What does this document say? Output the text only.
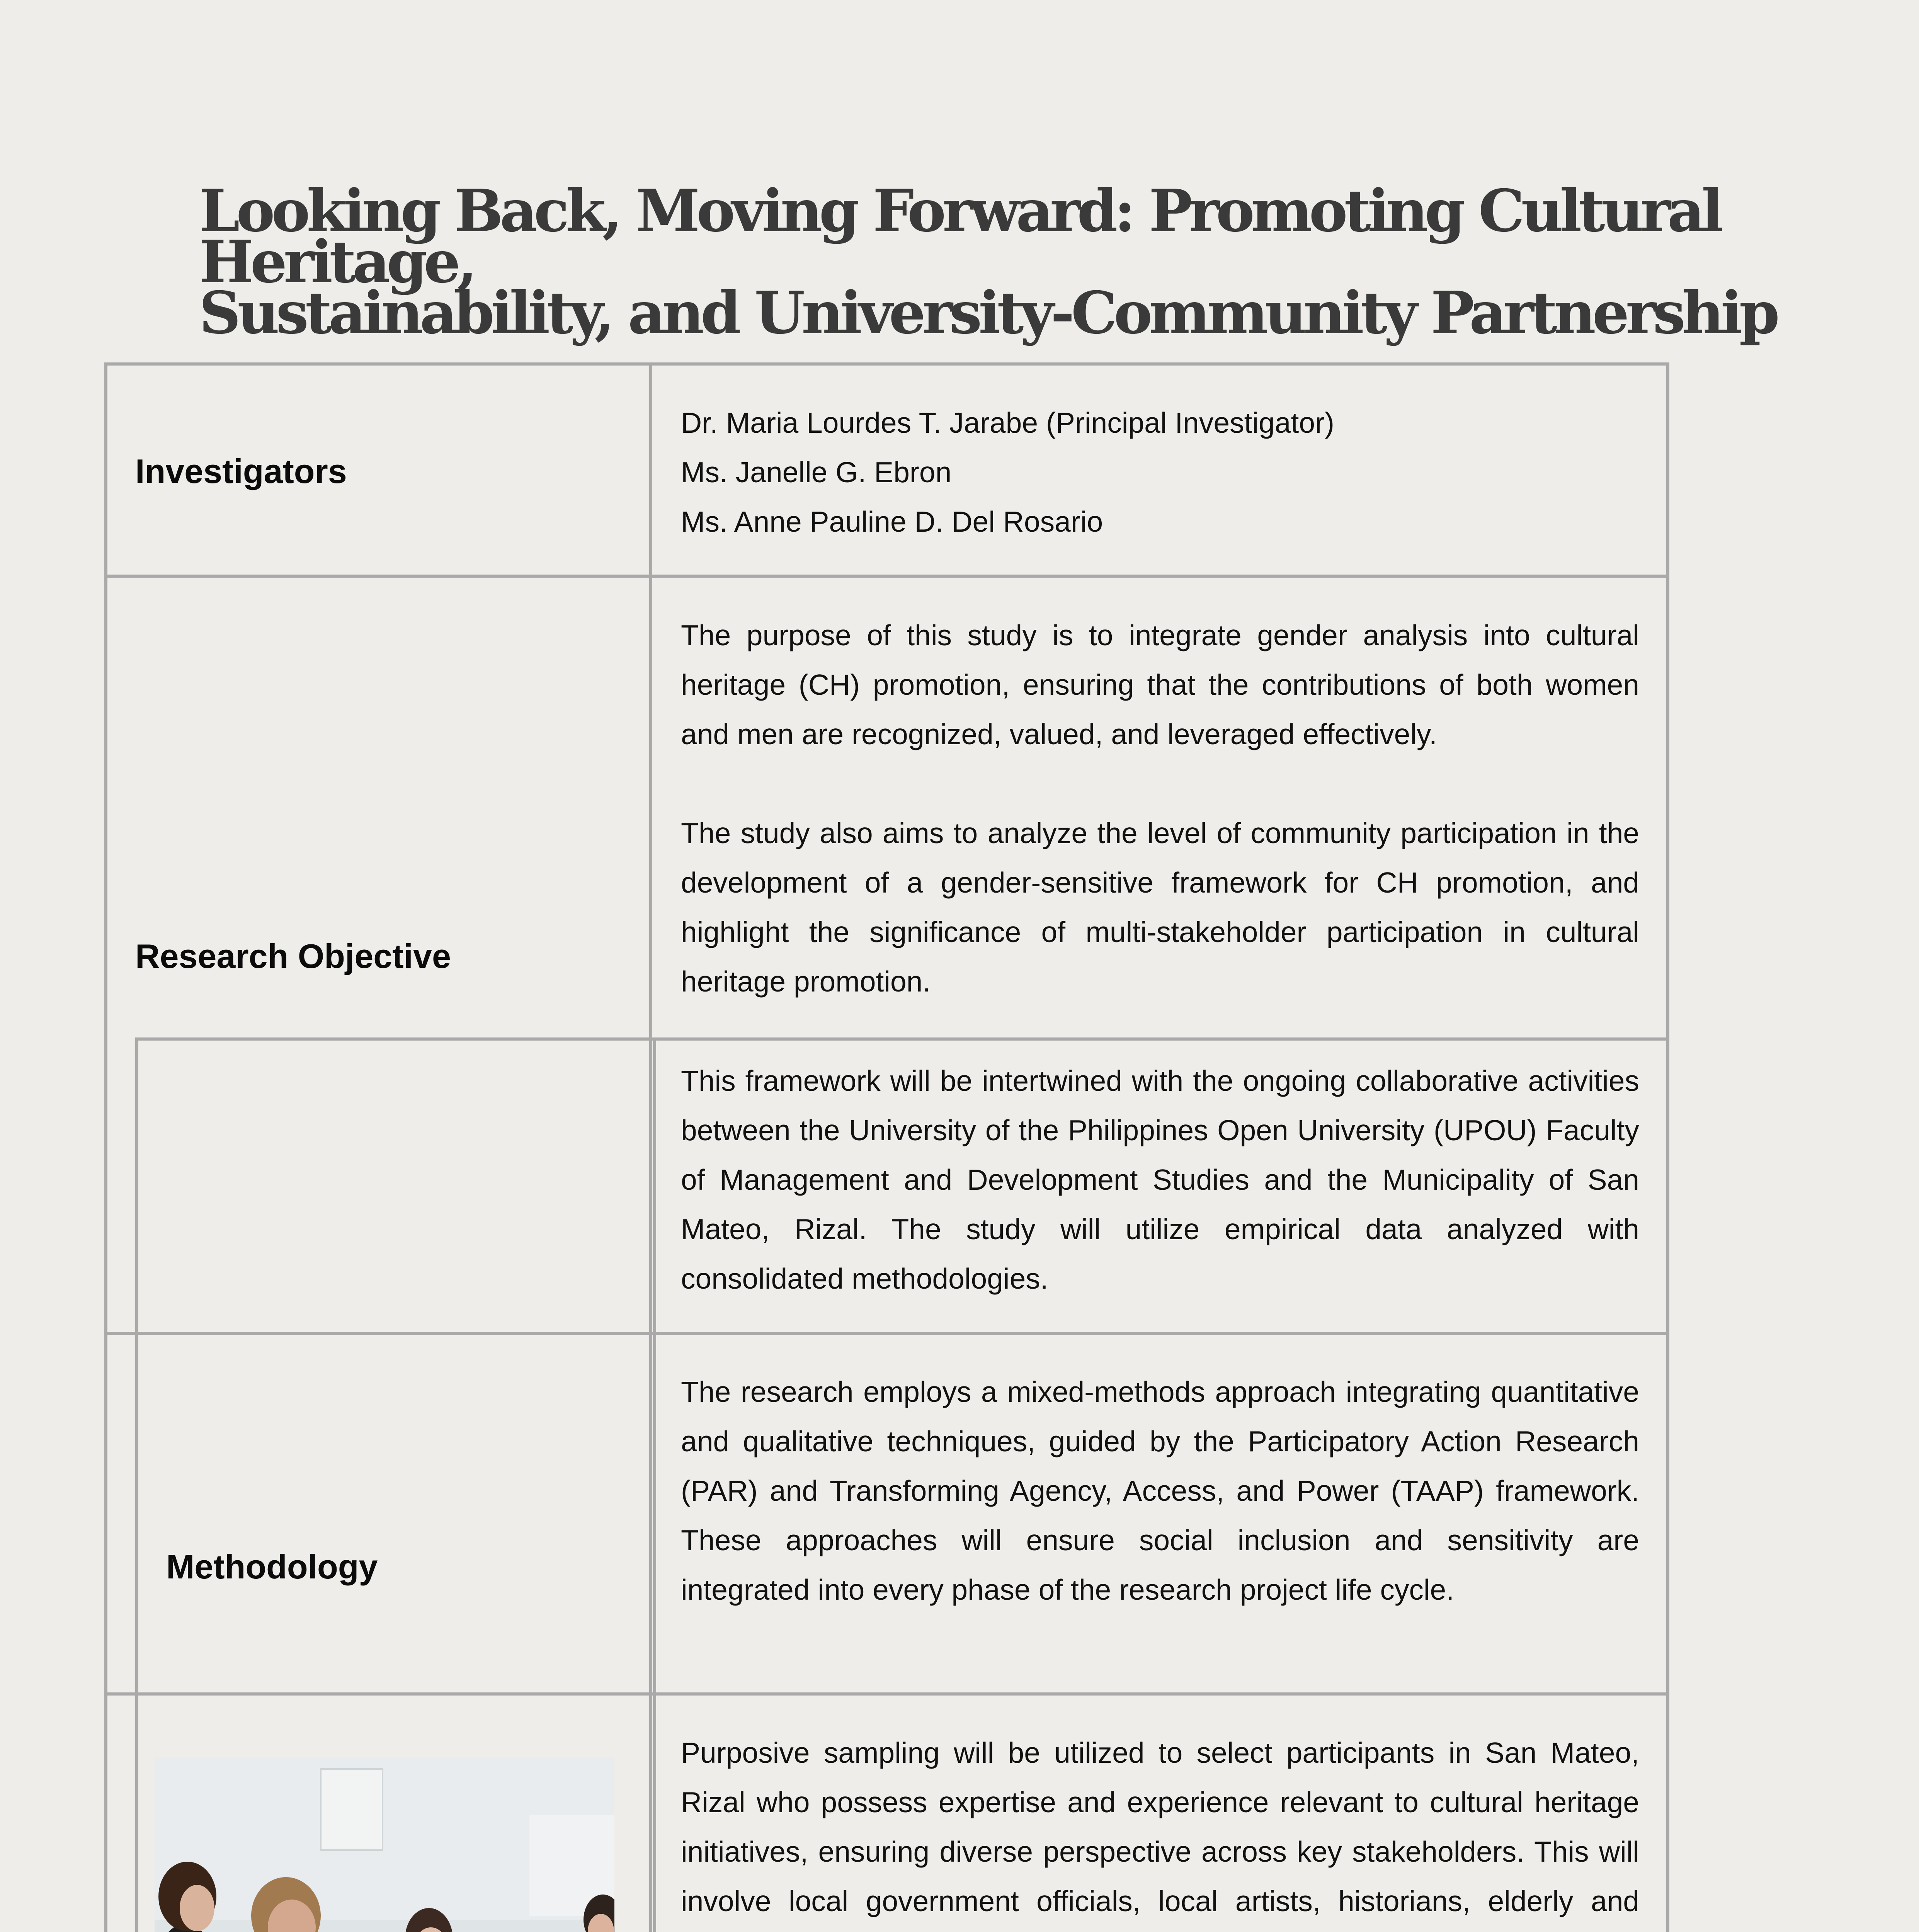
Looking Back, Moving Forward: Promoting Cultural Heritage,
Sustainability, and University-Community Partnership
Investigators

Dr. Maria Lourdes T. Jarabe (Principal Investigator)

Ms. Janelle G. Ebron

Ms. Anne Pauline D. Del Rosario

Research Objective

The purpose of this study is to integrate gender analysis into cultural heritage (CH) promotion, ensuring that the contributions of both women and men are recognized, valued, and leveraged effectively.

The study also aims to analyze the level of community participation in the development of a gender-sensitive framework for CH promotion, and highlight the significance of multi-stakeholder participation in cultural heritage promotion.

This framework will be intertwined with the ongoing collaborative activities between the University of the Philippines Open University (UPOU) Faculty of Management and Development Studies and the Municipality of San Mateo, Rizal. The study will utilize empirical data analyzed with consolidated methodologies.
Methodology
The research employs a mixed-methods approach integrating quantitative and qualitative techniques, guided by the Participatory Action Research (PAR) and Transforming Agency, Access, and Power (TAAP) framework. These approaches will ensure social inclusion and sensitivity are integrated into every phase of the research project life cycle.
Purposive sampling will be utilized to select participants in San Mateo, Rizal who possess expertise and experience relevant to cultural heritage initiatives, ensuring diverse perspective across key stakeholders. This will involve local government officials, local artists, historians, elderly and
